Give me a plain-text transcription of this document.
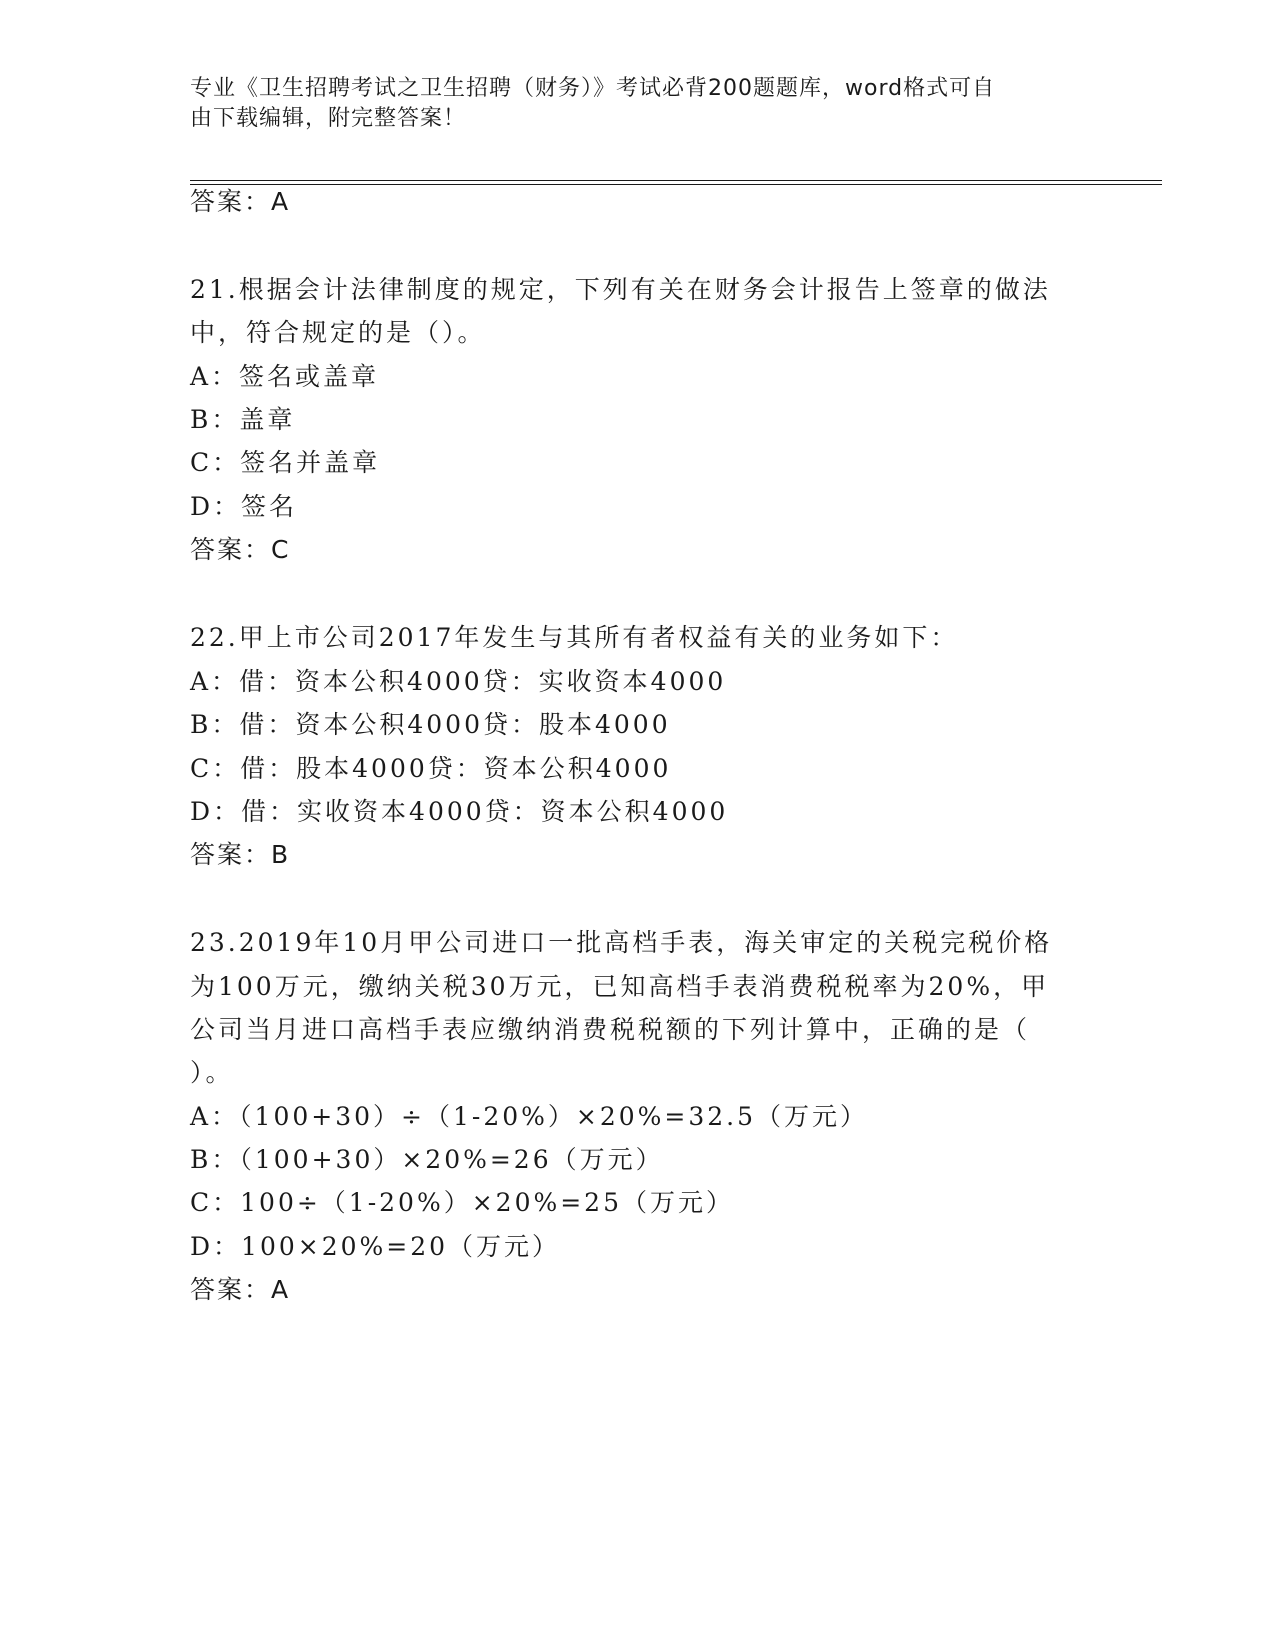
专业《卫生招聘考试之卫生招聘（财务）》考试必背200题题库，word格式可自
由下载编辑，附完整答案！
答案：A
21.根据会计法律制度的规定，下列有关在财务会计报告上签章的做法
中，符合规定的是（）。
A：签名或盖章
B：盖章
C：签名并盖章
D：签名
答案：C
22.甲上市公司2017年发生与其所有者权益有关的业务如下：
A：借：资本公积4000贷：实收资本4000
B：借：资本公积4000贷：股本4000
C：借：股本4000贷：资本公积4000
D：借：实收资本4000贷：资本公积4000
答案：B
23.2019年10月甲公司进口一批高档手表，海关审定的关税完税价格
为100万元，缴纳关税30万元，已知高档手表消费税税率为20%，甲
公司当月进口高档手表应缴纳消费税税额的下列计算中，正确的是（
）。
A：（100+30）÷（1-20%）×20%=32.5（万元）
B：（100+30）×20%=26（万元）
C：100÷（1-20%）×20%=25（万元）
D：100×20%=20（万元）
答案：A
